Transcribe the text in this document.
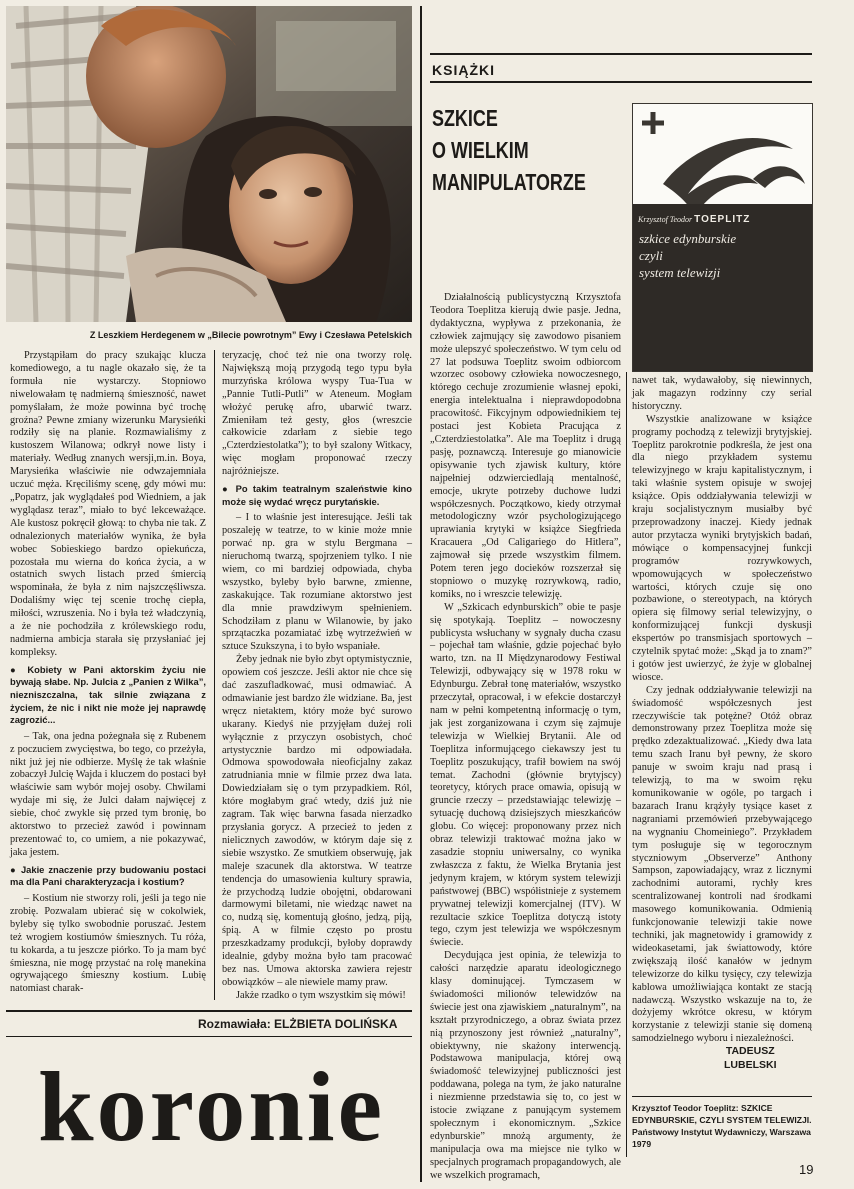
Z Leszkiem Herdegenem w „Bilecie powrotnym” Ewy i Czesława Petelskich

Przystąpiłam do pracy szukając klucza komediowego, a tu nagle okazało się, że ta formuła nie wystarczy. Stopniowo niwelowałam tę nadmierną śmieszność, nawet pomyślałam, że może powinna być trochę groźna? Pewne zmiany wizerunku Marysieńki rodziły się na planie. Rozmawialiśmy z kustoszem Wilanowa; odkrył nowe listy i materiały. Według znanych wersji,m.in. Boya, Marysieńka właściwie nie odwzajemniała uczuć męża. Kręciliśmy scenę, gdy mówi mu: „Popatrz, jak wyglądałeś pod Wiedniem, a jak wyglądasz teraz”, miało to być lekceważące. Ale kustosz pokręcił głową: to chyba nie tak. Z odnalezionych materiałów wynika, że była wobec Sobieskiego bardzo opiekuńcza, pozostała mu wierna do końca życia, a w ostatnich swych listach przed śmiercią wspominała, że była z nim najszczęśliwsza. Dodaliśmy więc tej scenie trochę ciepła, miłości, wzruszenia. No i była też władczynią, a że nie pochodziła z królewskiego rodu, nadmierna ambicja starała się przysłaniać jej kompleksy.

● Kobiety w Pani aktorskim życiu nie bywają słabe. Np. Julcia z „Panien z Wilka”, niezniszczalna, tak silnie związana z życiem, że nic i nikt nie może jej naprawdę zagrozić...

– Tak, ona jedna pożegnała się z Rubenem z poczuciem zwycięstwa, bo tego, co przeżyła, nikt już jej nie odbierze. Myślę że tak właśnie zobaczył Julcię Wajda i kluczem do postaci był właściwie sam wybór mojej osoby. Chwilami wydaje mi się, że Julci dałam najwięcej z siebie, choć zwykle się przed tym bronię, bo aktorstwo to przecież zawód i powinnam prezentować to, co umiem, a nie pokazywać, jaka jestem.

● Jakie znaczenie przy budowaniu postaci ma dla Pani charakteryzacja i kostium?

– Kostium nie stworzy roli, jeśli ja tego nie zrobię. Pozwalam ubierać się w cokolwiek, byleby się tylko swobodnie poruszać. Jestem też wrogiem kostiumów śmiesznych. Tu róża, tu kokarda, a tu jeszcze piórko. To ja mam być śmieszna, nie mogę przystać na rolę manekina ogrywającego śmieszny kostium. Lubię natomiast charak-

teryzację, choć też nie ona tworzy rolę. Największą moją przygodą tego typu była murzyńska królowa wyspy Tua-Tua w „Pannie Tutli-Putli” w Ateneum. Mogłam włożyć perukę afro, ubarwić twarz. Zmieniłam też gesty, głos (wreszcie całkowicie zdarłam z siebie tego „Czterdziestolatka”); to był szalony Witkacy, więc mogłam proponować rzeczy najróżniejsze.

● Po takim teatralnym szaleństwie kino może się wydać wręcz purytańskie.

– I to właśnie jest interesujące. Jeśli tak poszaleję w teatrze, to w kinie może mnie porwać np. gra w stylu Bergmana – nieruchomą twarzą, spojrzeniem tylko. I nie wiem, co mi bardziej odpowiada, chyba wszystko, byleby było barwne, zmienne, zaskakujące. Tak rozumiane aktorstwo jest dla mnie prawdziwym spełnieniem. Schodziłam z planu w Wilanowie, by jako sprzątaczka pozamiatać izbę wytrzeźwień w sztuce Szukszyna, i to było wspaniałe.

Żeby jednak nie było zbyt optymistycznie, opowiem coś jeszcze. Jeśli aktor nie chce się dać zaszufladkować, musi odmawiać. A odmawianie jest bardzo źle widziane. Ba, jest wręcz nietaktem, który może być surowo ukarany. Kiedyś nie przyjęłam dużej roli wyłącznie z przyczyn osobistych, choć artystycznie bardzo mi odpowiadała. Odmowa spowodowała nieoficjalny zakaz zatrudniania mnie w filmie przez dwa lata. Dowiedziałam się o tym przypadkiem. Ról, które mogłabym grać wtedy, dziś już nie zagram. Tak więc barwna fasada nierzadko przysłania gorycz. A przecież to jeden z nielicznych zawodów, w którym daje się z siebie wszystko. Ze smutkiem obserwuję, jak maleje szacunek dla aktorstwa. W teatrze tendencja do umasowienia kultury sprawia, że przychodzą ludzie obojętni, obdarowani darmowymi biletami, nie wiedząc nawet na co, nudzą się, komentują głośno, jedzą, piją, śpią. A w filmie często po prostu przeszkadzamy produkcji, byłoby doprawdy idealnie, gdyby można było tam pracować bez nas. Umowa aktorska zawiera rejestr obowiązków – ale niewiele mamy praw.

Jakże rzadko o tym wszystkim się mówi!

Rozmawiała: ELŻBIETA DOLIŃSKA
koronie
KSIĄŻKI
SZKICE
O WIELKIM
MANIPULATORZE
Krzysztof Teodor TOEPLITZ
szkice edynburskie
czyli
system telewizji

Działalnością publicystyczną Krzysztofa Teodora Toeplitza kierują dwie pasje. Jedna, dydaktyczna, wypływa z przekonania, że człowiek zajmujący się zawodowo pisaniem może ulepszyć społeczeństwo. W tym celu od 27 lat podsuwa Toeplitz swoim odbiorcom wzorzec osobowy człowieka nowoczesnego, którego cechuje zrozumienie własnej epoki, energia intelektualna i nieprawdopodobna pracowitość. Fikcyjnym odpowiednikiem tej postaci jest Kobieta Pracująca z „Czterdziestolatka”. Ale ma Toeplitz i drugą pasję, poznawczą. Interesuje go mianowicie opisywanie tych zjawisk kultury, które najpełniej odzwierciedlają mentalność, emocje, ukryte potrzeby duchowe ludzi współczesnych. Początkowo, kiedy otrzymał metodologiczny wzór psychologizującego uprawiania krytyki w książce Siegfrieda Kracauera „Od Caligariego do Hitlera”, zajmował się przede wszystkim filmem. Potem teren jego docieków rozszerzał się stopniowo o muzykę rozrywkową, radio, komiks, no i wreszcie telewizję.

W „Szkicach edynburskich” obie te pasje się spotykają. Toeplitz – nowoczesny publicysta wsłuchany w sygnały ducha czasu – pojechał tam właśnie, gdzie pojechać było warto, tzn. na II Międzynarodowy Festiwal Telewizji, odbywający się w 1978 roku w Edynburgu. Zebrał tonę materiałów, wszystko przeczytał, opracował, i w efekcie dostarczył nam w pełni kompetentną informację o tym, jak jest zorganizowana i czym się zajmuje telewizja w Wielkiej Brytanii. Ale od Toeplitza informującego ciekawszy jest tu Toeplitz poszukujący, trafił bowiem na swój temat. Zachodni (głównie brytyjscy) teoretycy, których prace omawia, opisują w gruncie rzeczy – przedstawiając telewizję – sytuację duchową dzisiejszych mieszkańców globu. Co więcej: proponowany przez nich obraz telewizji traktować można jako w zasadzie stopniu uniwersalny, co wynika zwłaszcza z faktu, że Wielka Brytania jest jedynym krajem, w którym system telewizji państwowej (BBC) współistnieje z systemem prywatnej telewizji komercjalnej (ITV). W rezultacie szkice Toeplitza dotyczą istoty tego, czym jest telewizja we współczesnym świecie.

Decydująca jest opinia, że telewizja to całości narzędzie aparatu ideologicznego klasy dominującej. Tymczasem w świadomości milionów telewidzów na świecie jest ona zjawiskiem „naturalnym”, na kształt przyrodniczego, a obraz świata przez nią przynoszony jest również „naturalny”, obiektywny, nie skażony interwencją. Podstawowa manipulacja, której ową świadomość telewizyjnej publiczności jest poddawana, polega na tym, że jako naturalne i niezmienne przedstawia się to, co jest w istocie związane z panującym systemem społecznym i ekonomicznym. „Szkice edynburskie” mnożą argumenty, że manipulacja owa ma miejsce nie tylko w specjalnych programach propagandowych, ale we wszelkich programach,

nawet tak, wydawałoby, się niewinnych, jak magazyn rodzinny czy serial historyczny.

Wszystkie analizowane w książce programy pochodzą z telewizji brytyjskiej. Toeplitz parokrotnie podkreśla, że jest ona dla niego przykładem systemu telewizyjnego w kraju kapitalistycznym, i taki właśnie system opisuje w swojej książce. Opis oddziaływania telewizji w kraju socjalistycznym musiałby być przeprowadzony inaczej. Kiedy jednak autor przytacza wyniki brytyjskich badań, mówiące o kompensacyjnej funkcji programów rozrywkowych, wpomowujących w społeczeństwo wartości, których czuje się ono pozbawione, o stereotypach, na których opiera się filmowy serial telewizyjny, o konformizującej funkcji dyskusji ekspertów po transmisjach sportowych – czytelnik spytać może: „Skąd ja to znam?” i gotów jest uwierzyć, że żyje w globalnej wiosce.

Czy jednak oddziaływanie telewizji na świadomość współczesnych jest rzeczywiście tak potężne? Otóż obraz demonstrowany przez Toeplitza może się prędko zdezaktualizować. „Kiedy dwa lata temu szach Iranu był pewny, że skoro panuje w swoim kraju nad prasą i telewizją, to ma w swoim ręku komunikowanie w ogóle, po targach i bazarach Iranu krążyły tysiące kaset z nagraniami przemówień przebywającego na wygnaniu Chomeiniego”. Przykładem tym posługuje się w tegorocznym styczniowym „Observerze” Anthony Sampson, zapowiadający, wraz z licznymi zachodnimi autorami, rychły kres scentralizowanej kontroli nad środkami masowego komunikowania. Odmienią funkcjonowanie telewizji takie nowe techniki, jak magnetowidy i gramowidy z wideokasetami, jak świattowody, które zwiększają ilość kanałów w jednym telewizorze do kilku tysięcy, czy telewizja kablowa umożliwiająca kontakt ze stacją nadawczą. Wszystko wskazuje na to, że dożyjemy wkrótce okresu, w którym korzystanie z telewizji stanie się domeną samodzielnego wyboru i niezależności.

TADEUSZ
LUBELSKI
Krzysztof Teodor Toeplitz: SZKICE EDYNBURSKIE, CZYLI SYSTEM TELEWIZJI. Państwowy Instytut Wydawniczy, Warszawa 1979
19
